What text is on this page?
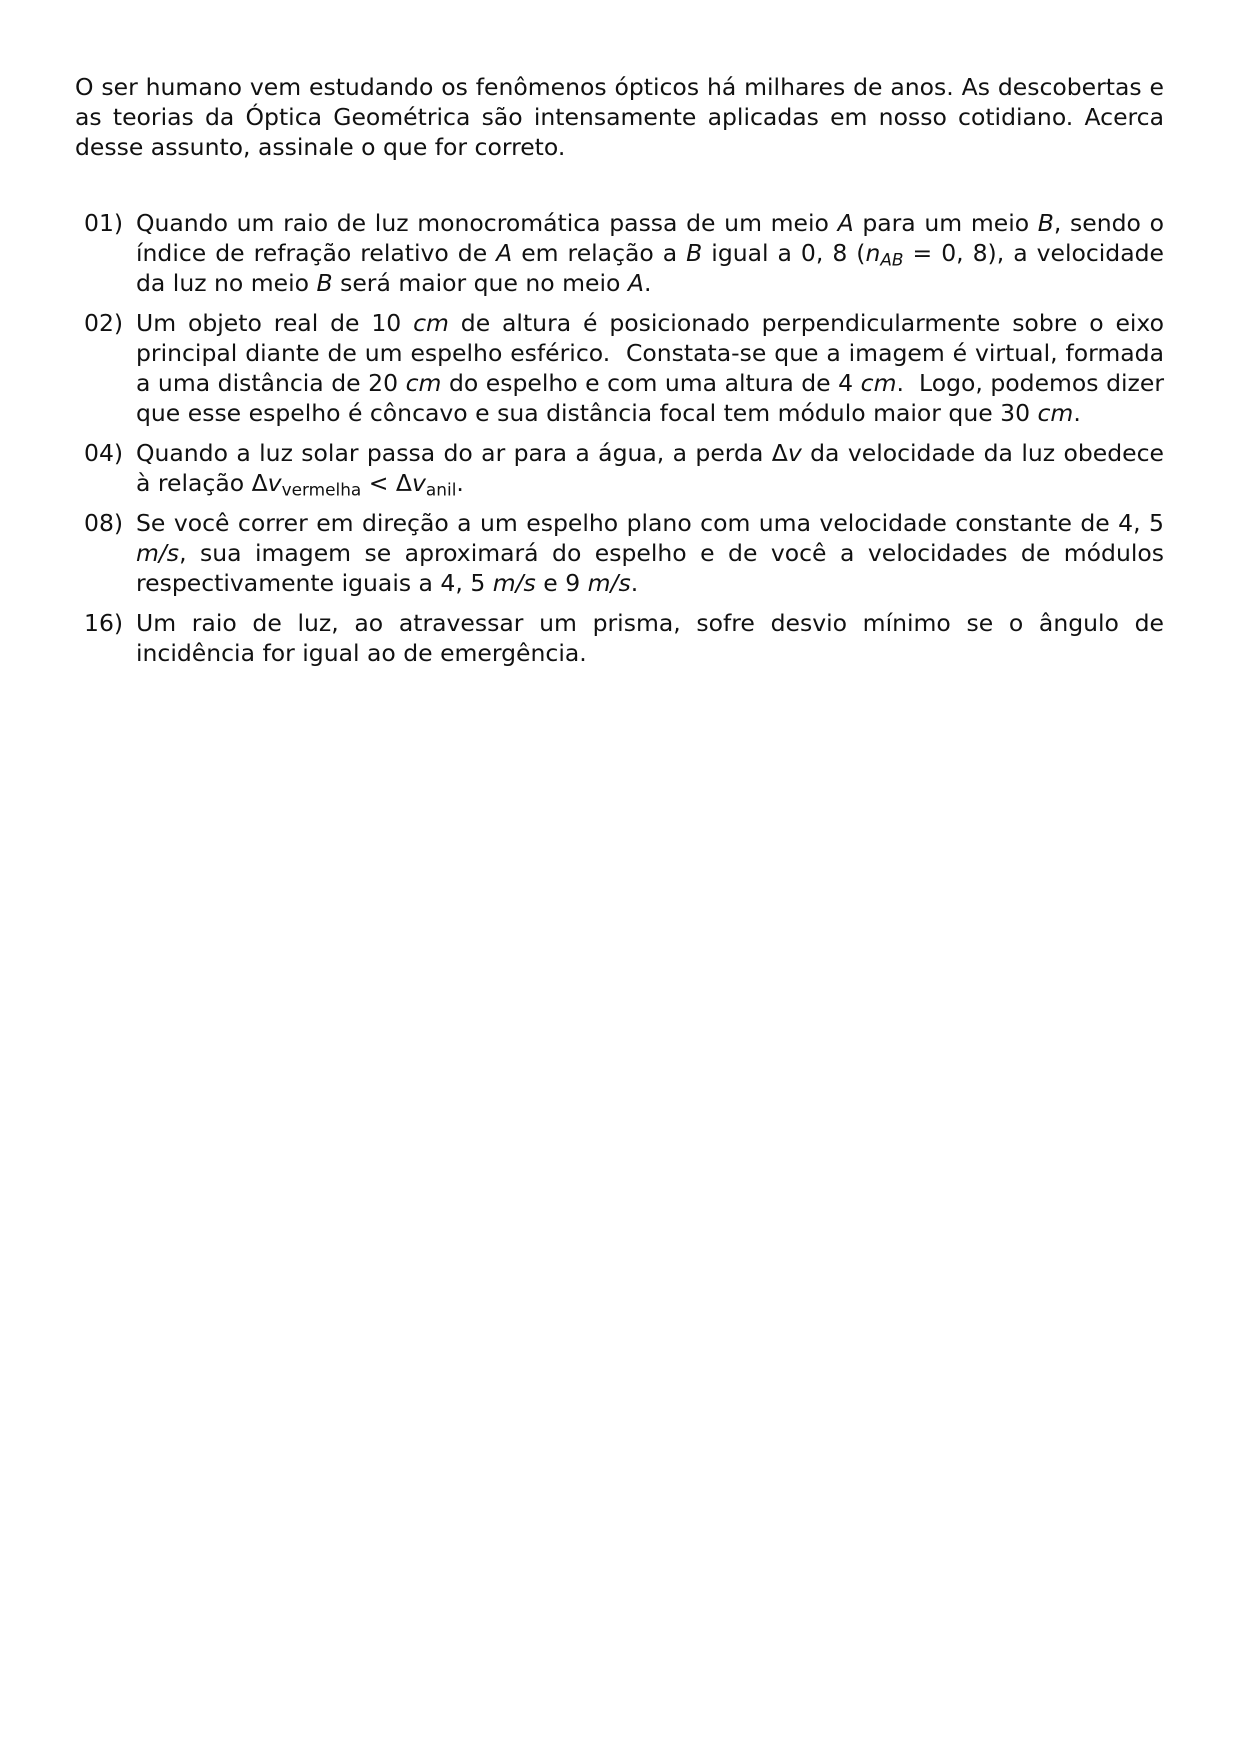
O ser humano vem estudando os fenômenos ópticos há milhares de anos. As descobertas e as teorias da Óptica Geométrica são intensamente aplicadas em nosso cotidiano. Acerca desse assunto, assinale o que for correto.

01) Quando um raio de luz monocromática passa de um meio A para um meio B, sendo o índice de refração relativo de A em relação a B igual a 0, 8 ($n_{AB} = 0$, 8), a velocidade da luz no meio B será maior que no meio A.
02) Um objeto real de 10 cm de altura é posicionado perpendicularmente sobre o eixo principal diante de um espelho esférico.  Constata-se que a imagem é virtual, formada a uma distância de 20 cm do espelho e com uma altura de 4 cm.  Logo, podemos dizer que esse espelho é côncavo e sua distância focal tem módulo maior que 30 cm.
04) Quando a luz solar passa do ar para a água, a perda Δv da velocidade da luz obedece à relação $\Delta v_{vermelha} < \Delta v_{anil}$.
08) Se você correr em direção a um espelho plano com uma velocidade constante de 4, 5 m/s, sua imagem se aproximará do espelho e de você a velocidades de módulos respectivamente iguais a 4, 5 m/s e 9 m/s.
16) Um raio de luz, ao atravessar um prisma, sofre desvio mínimo se o ângulo de incidência for igual ao de emergência.
